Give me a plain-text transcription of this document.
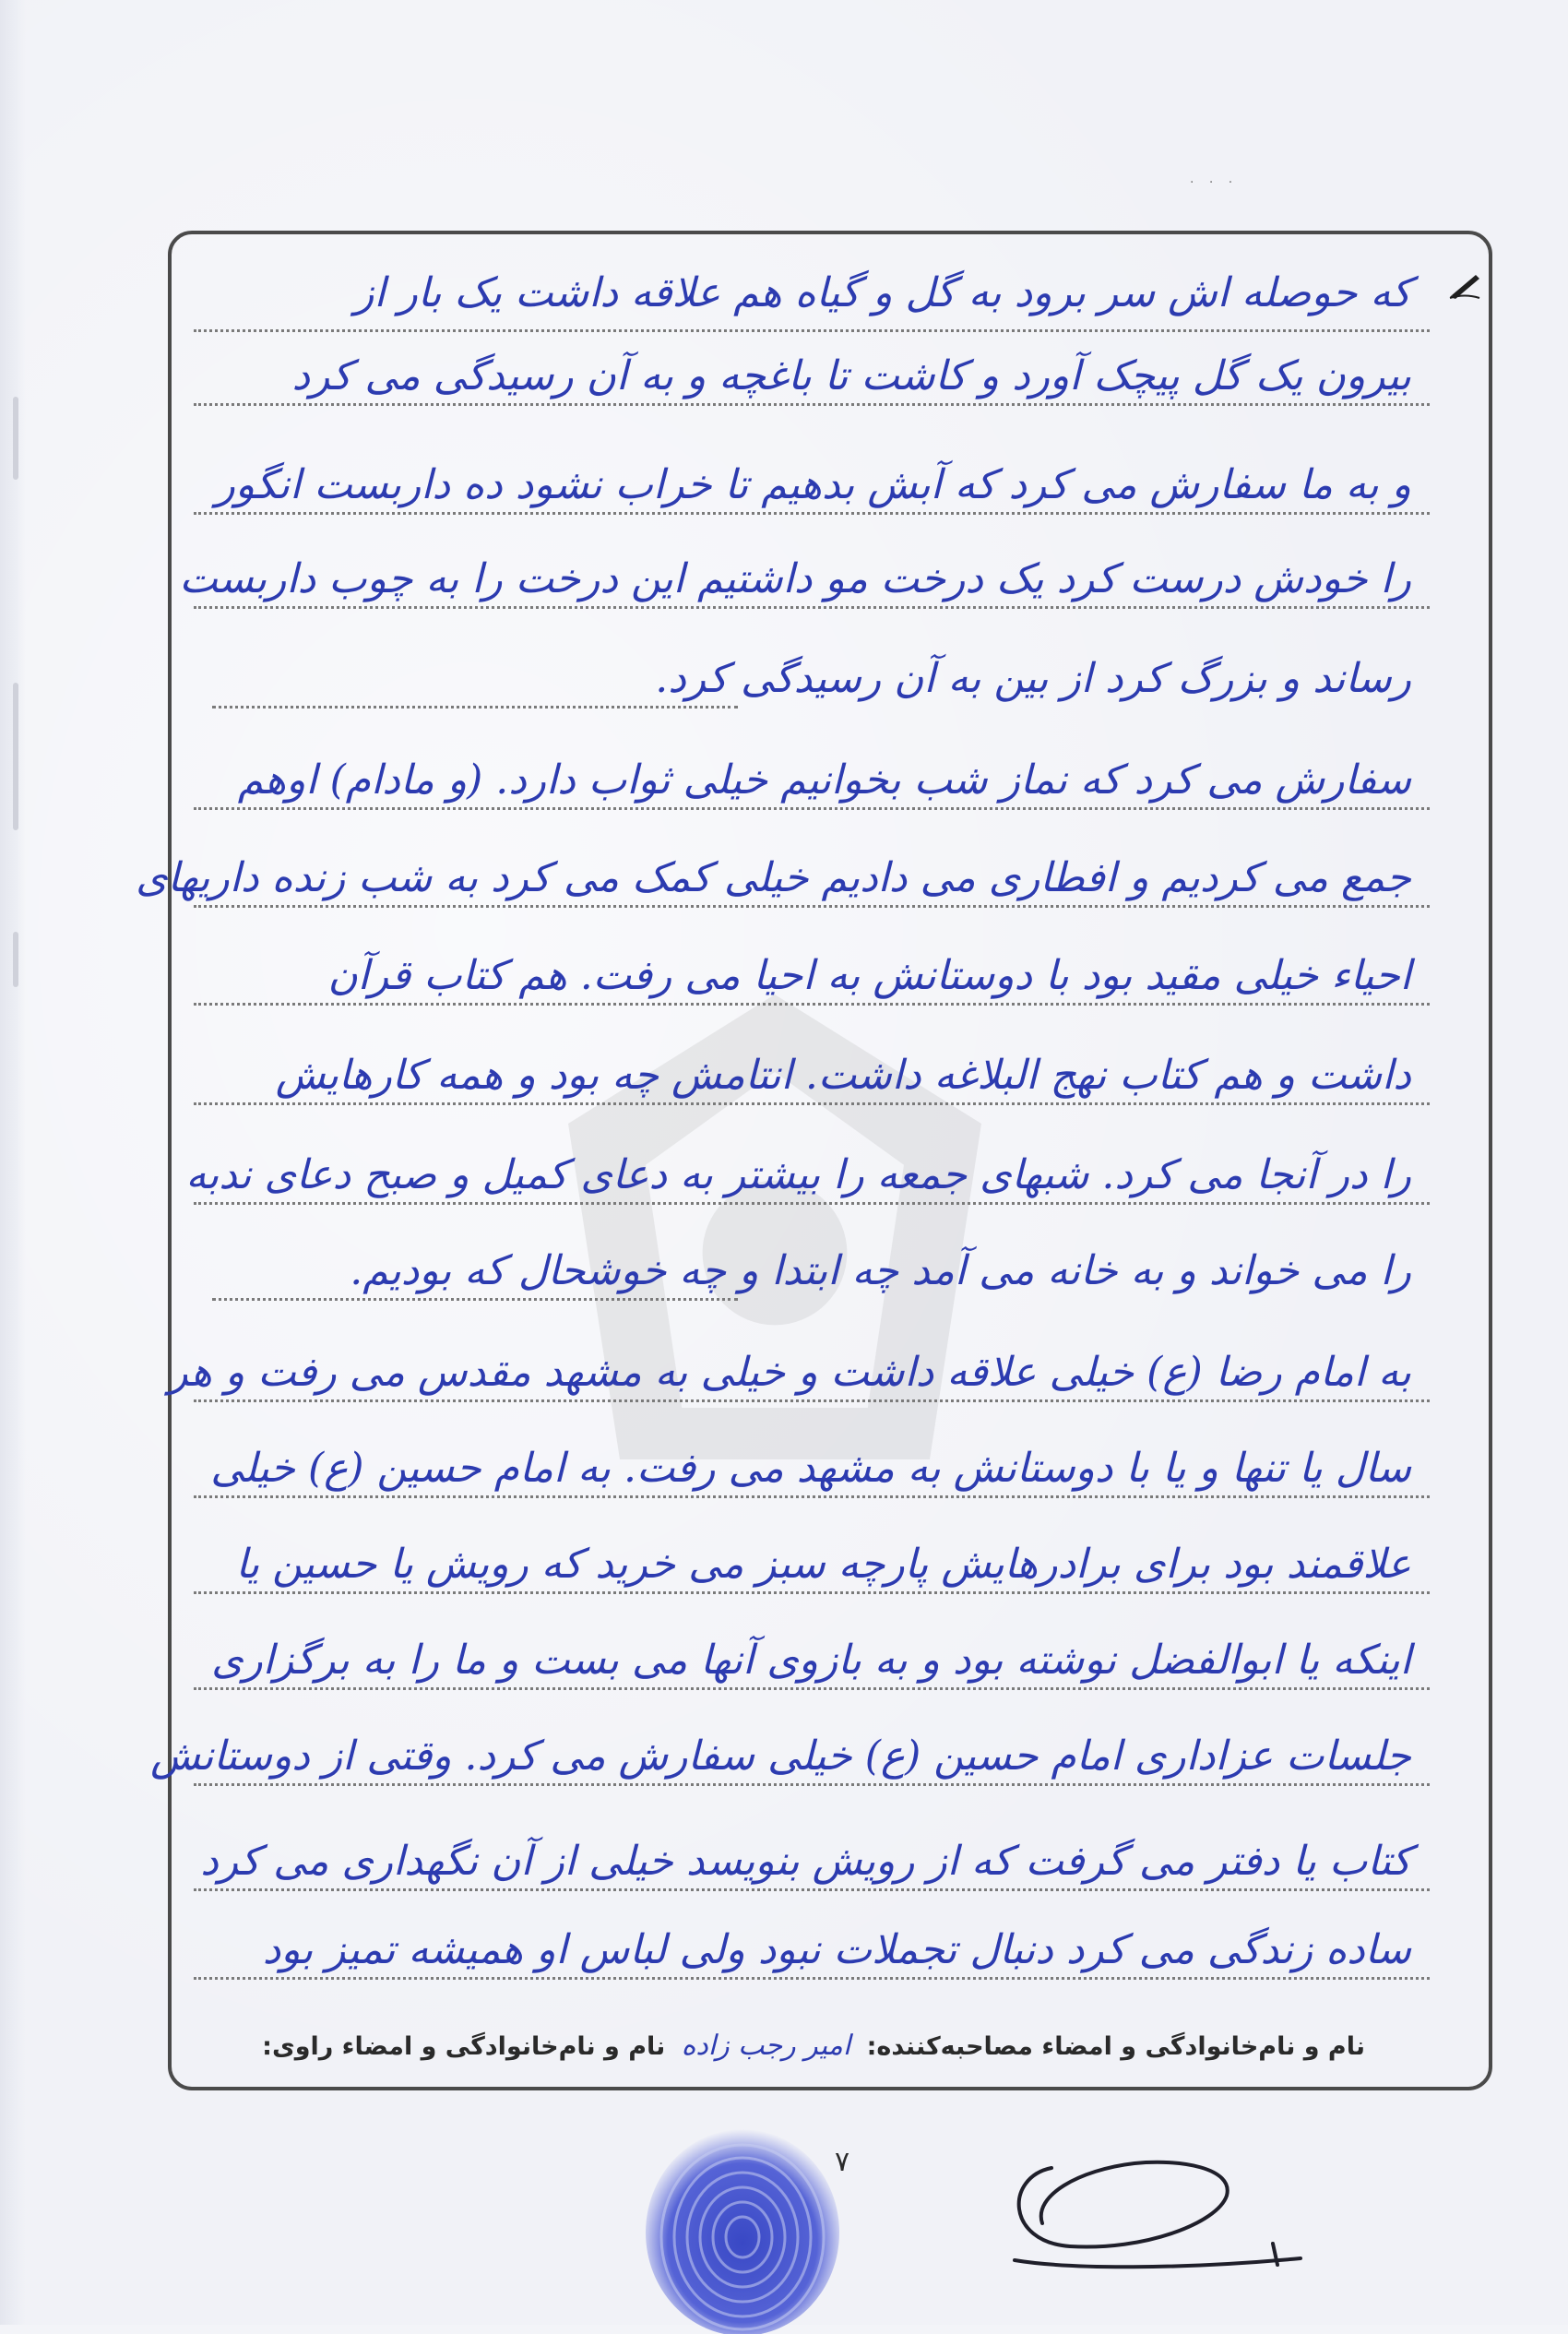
· · ·
که حوصله اش سر برود به گل و گیاه هم علاقه داشت یک بار از
بیرون یک گل پیچک آورد و کاشت تا باغچه و به آن رسیدگی می کرد
و به ما سفارش می کرد که آبش بدهیم تا خراب نشود ده داربست انگور
را خودش درست کرد یک درخت مو داشتیم این درخت را به چوب داربست
رساند و بزرگ کرد از بین به آن رسیدگی کرد.
سفارش می کرد که نماز شب بخوانیم خیلی ثواب دارد. (و مادام) اوهم
جمع می کردیم و افطاری می دادیم خیلی کمک می کرد به شب زنده داریهای
احیاء خیلی مقید بود با دوستانش به احیا می رفت. هم کتاب قرآن
داشت و هم کتاب نهج البلاغه داشت. انتامش چه بود و همه کارهایش
را در آنجا می کرد. شبهای جمعه را بیشتر به دعای کمیل و صبح دعای ندبه
را می خواند و به خانه می آمد چه ابتدا و چه خوشحال که بودیم.
به امام رضا (ع) خیلی علاقه داشت و خیلی به مشهد مقدس می رفت و هر
سال یا تنها و یا با دوستانش به مشهد می رفت. به امام حسین (ع) خیلی
علاقمند بود برای برادرهایش پارچه سبز می خرید که رویش یا حسین یا
اینکه یا ابوالفضل نوشته بود و به بازوی آنها می بست و ما را به برگزاری
جلسات عزاداری امام حسین (ع) خیلی سفارش می کرد. وقتی از دوستانش
کتاب یا دفتر می گرفت که از رویش بنویسد خیلی از آن نگهداری می کرد
ساده زندگی می کرد دنبال تجملات نبود ولی لباس او همیشه تمیز بود
نام و نام‌خانوادگی و امضاء مصاحبه‌کننده: امیر رجب زاده نام و نام‌خانوادگی و امضاء راوی:
۷
